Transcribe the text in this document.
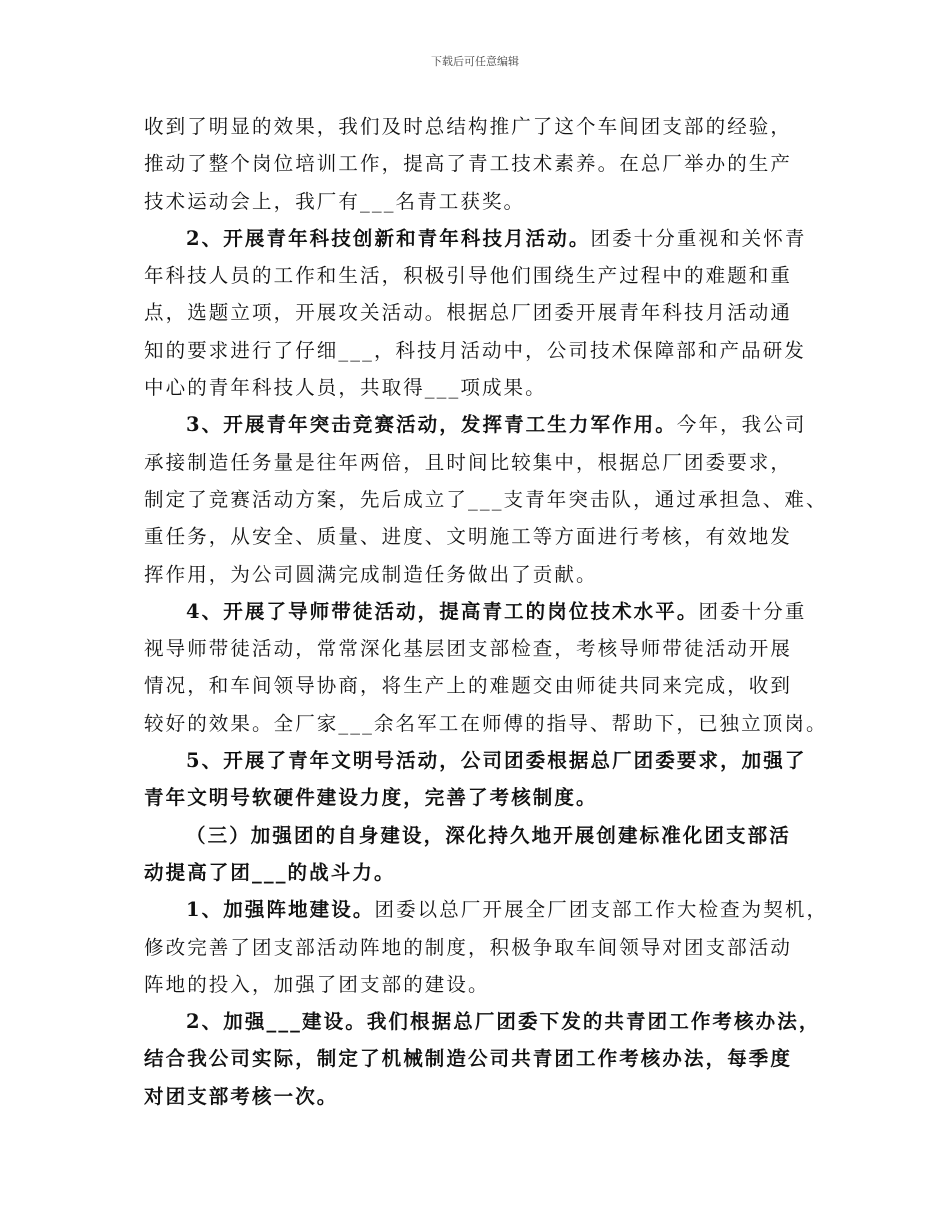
下载后可任意编辑
收到了明显的效果，我们及时总结构推广了这个车间团支部的经验，
推动了整个岗位培训工作，提高了青工技术素养。在总厂举办的生产
技术运动会上，我厂有___名青工获奖。
2、开展青年科技创新和青年科技月活动。团委十分重视和关怀青
年科技人员的工作和生活，积极引导他们围绕生产过程中的难题和重
点，选题立项，开展攻关活动。根据总厂团委开展青年科技月活动通
知的要求进行了仔细___，科技月活动中，公司技术保障部和产品研发
中心的青年科技人员，共取得___项成果。
3、开展青年突击竞赛活动，发挥青工生力军作用。今年，我公司
承接制造任务量是往年两倍，且时间比较集中，根据总厂团委要求，
制定了竞赛活动方案，先后成立了___支青年突击队，通过承担急、难、
重任务，从安全、质量、进度、文明施工等方面进行考核，有效地发
挥作用，为公司圆满完成制造任务做出了贡献。
4、开展了导师带徒活动，提高青工的岗位技术水平。团委十分重
视导师带徒活动，常常深化基层团支部检查，考核导师带徒活动开展
情况，和车间领导协商，将生产上的难题交由师徒共同来完成，收到
较好的效果。全厂家___余名军工在师傅的指导、帮助下，已独立顶岗。
5、开展了青年文明号活动，公司团委根据总厂团委要求，加强了
青年文明号软硬件建设力度，完善了考核制度。
（三）加强团的自身建设，深化持久地开展创建标准化团支部活
动提高了团___的战斗力。
1、加强阵地建设。团委以总厂开展全厂团支部工作大检查为契机，
修改完善了团支部活动阵地的制度，积极争取车间领导对团支部活动
阵地的投入，加强了团支部的建设。
2、加强___建设。我们根据总厂团委下发的共青团工作考核办法，
结合我公司实际，制定了机械制造公司共青团工作考核办法，每季度
对团支部考核一次。
